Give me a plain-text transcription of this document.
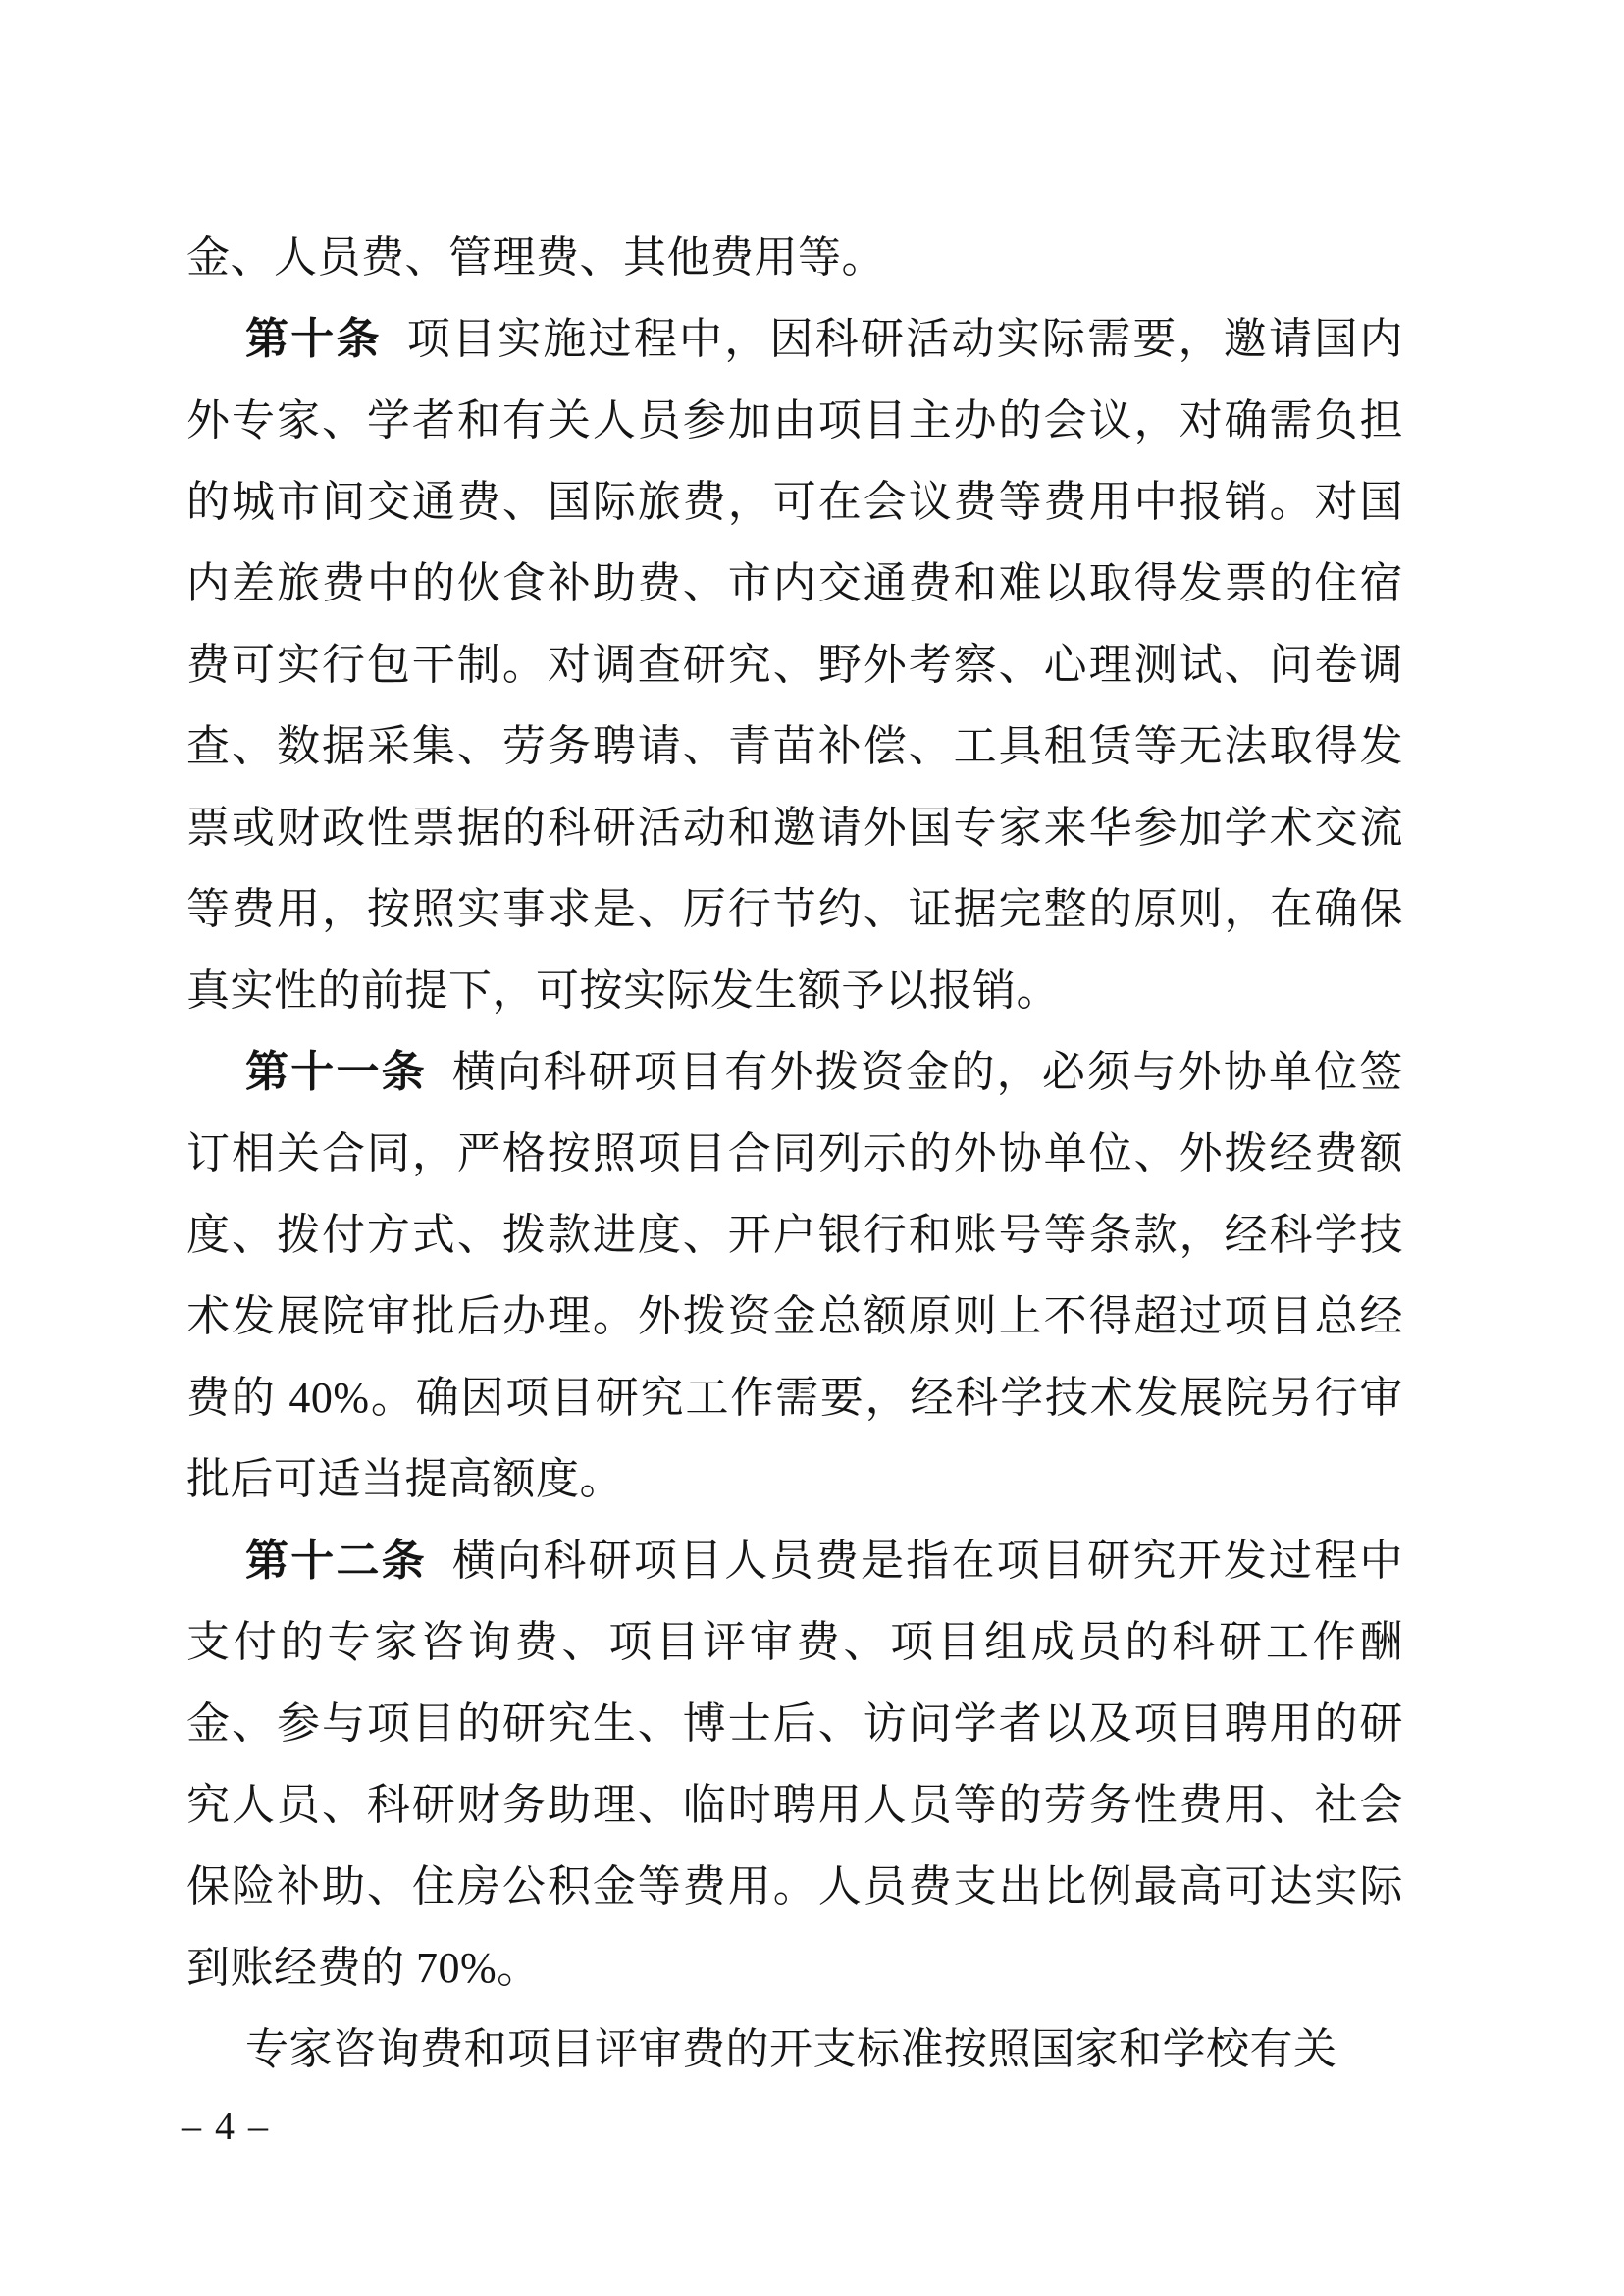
金、人员费、管理费、其他费用等。

第十条 项目实施过程中，因科研活动实际需要，邀请国内外专家、学者和有关人员参加由项目主办的会议，对确需负担的城市间交通费、国际旅费，可在会议费等费用中报销。对国内差旅费中的伙食补助费、市内交通费和难以取得发票的住宿费可实行包干制。对调查研究、野外考察、心理测试、问卷调查、数据采集、劳务聘请、青苗补偿、工具租赁等无法取得发票或财政性票据的科研活动和邀请外国专家来华参加学术交流等费用，按照实事求是、厉行节约、证据完整的原则，在确保真实性的前提下，可按实际发生额予以报销。

第十一条 横向科研项目有外拨资金的，必须与外协单位签订相关合同，严格按照项目合同列示的外协单位、外拨经费额度、拨付方式、拨款进度、开户银行和账号等条款，经科学技术发展院审批后办理。外拨资金总额原则上不得超过项目总经费的 40%。确因项目研究工作需要，经科学技术发展院另行审批后可适当提高额度。

第十二条 横向科研项目人员费是指在项目研究开发过程中支付的专家咨询费、项目评审费、项目组成员的科研工作酬金、参与项目的研究生、博士后、访问学者以及项目聘用的研究人员、科研财务助理、临时聘用人员等的劳务性费用、社会保险补助、住房公积金等费用。人员费支出比例最高可达实际到账经费的 70%。

专家咨询费和项目评审费的开支标准按照国家和学校有关

– 4 –
